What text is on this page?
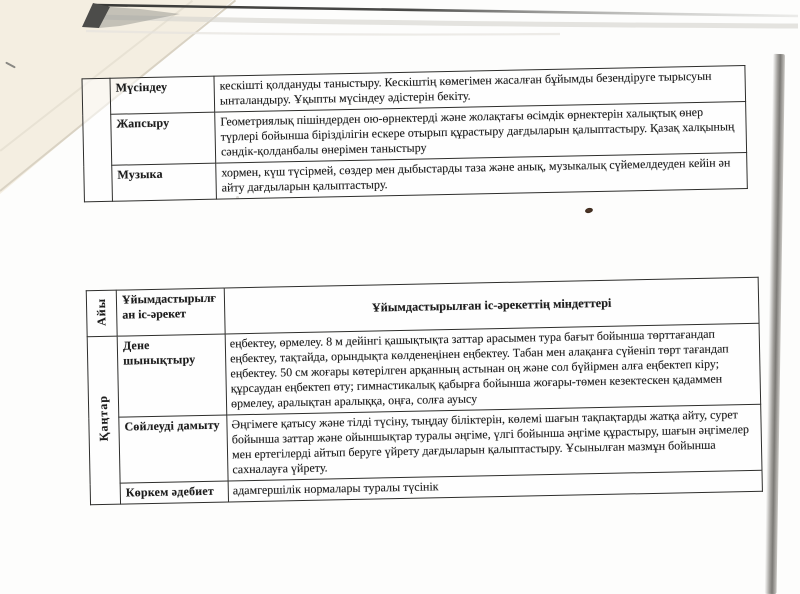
	Мүсіндеу	кескішті қолдануды таныстыру. Кескіштің көмегімен жасалған бұйымды безендіруге тырысуын ынталандыру. Ұқыпты мүсіндеу әдістерін бекіту.
	Жапсыру	Геометриялық пішіндерден ою-өрнектерді және жолақтағы өсімдік өрнектерін халықтық өнер түрлері бойынша бірізділігін ескере отырып құрастыру дағдыларын қалыптастыру. Қазақ халқының сәндік-қолданбалы өнерімен таныстыру
	Музыка	хормен, күш түсірмей, сөздер мен дыбыстарды таза және анық, музыкалық сүйемелдеуден кейін ән айту дағдыларын қалыптастыру.
Айы	Ұйымдастырылған іс-әрекет	Ұйымдастырылған іс-әрекеттің міндеттері
Қаңтар	Дене шынықтыру	еңбектеу, өрмелеу. 8 м дейінгі қашықтықта заттар арасымен тура бағыт бойынша төрттағандап еңбектеу, тақтайда, орындықта көлденеңінен еңбектеу. Табан мен алақанға сүйеніп төрт тағандап еңбектеу. 50 см жоғары көтерілген арқанның астынан оң және сол бүйірмен алға еңбектеп кіру; құрсаудан еңбектеп өту; гимнастикалық қабырға бойынша жоғары-төмен кезектескен қадаммен өрмелеу, аралықтан аралыққа, оңға, солға ауысу
	Сөйлеуді дамыту	Әңгімеге қатысу және тілді түсіну, тыңдау біліктерін, көлемі шағын тақпақтарды жатқа айту, сурет бойынша заттар және ойыншықтар туралы әңгіме, үлгі бойынша әңгіме құрастыру, шағын әңгімелер мен ертегілерді айтып беруге үйрету дағдыларын қалыптастыру. Ұсынылған мазмұн бойынша сахналауға үйрету.
	Көркем әдебиет	адамгершілік нормалары туралы түсінік
